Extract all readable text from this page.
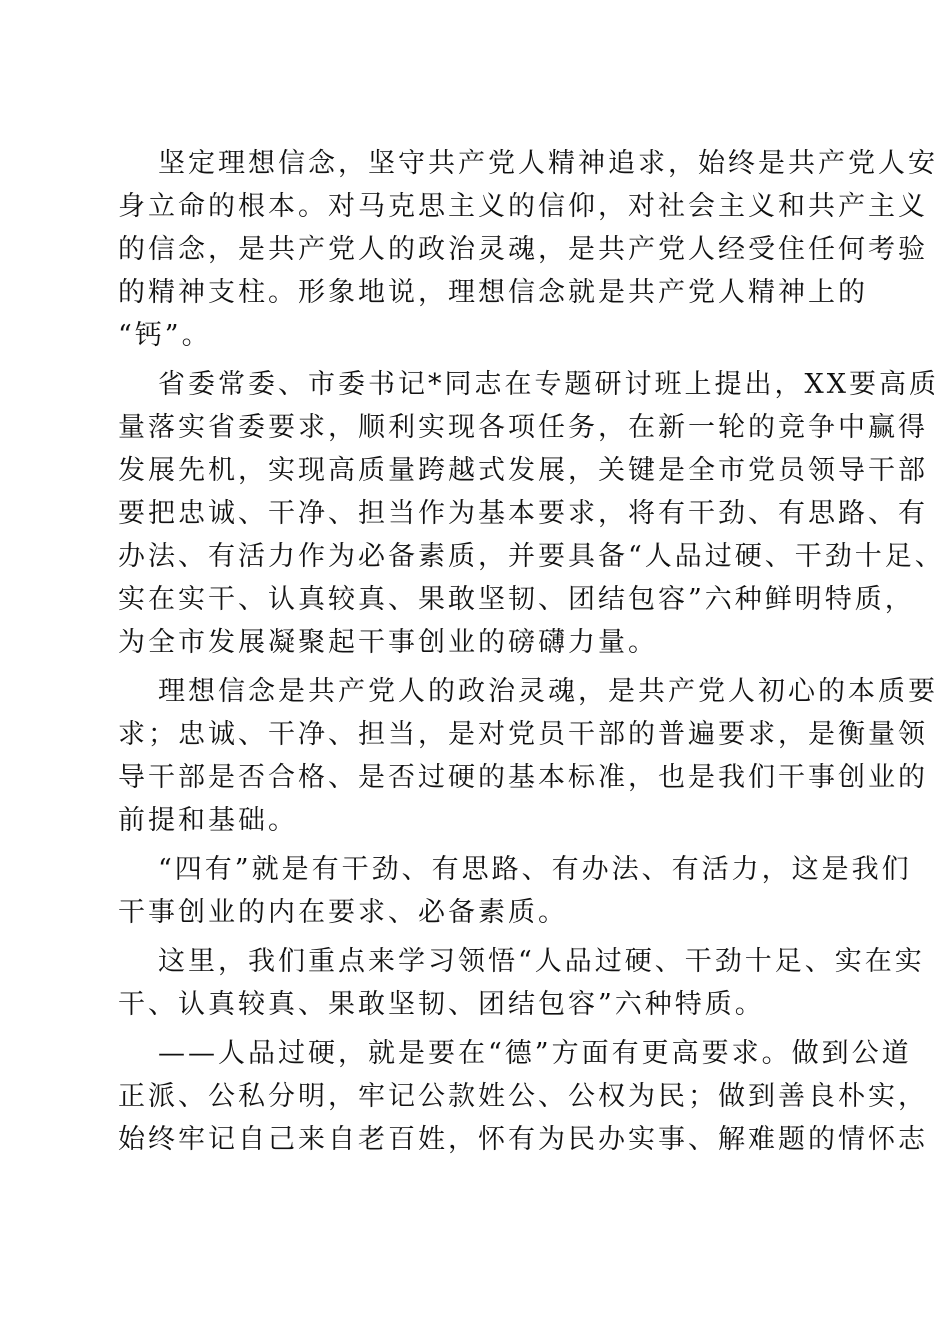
坚定理想信念，坚守共产党人精神追求，始终是共产党人安
身立命的根本。对马克思主义的信仰，对社会主义和共产主义
的信念，是共产党人的政治灵魂，是共产党人经受住任何考验
的精神支柱。形象地说，理想信念就是共产党人精神上的
“钙”。
省委常委、市委书记*同志在专题研讨班上提出，XX要高质
量落实省委要求，顺利实现各项任务，在新一轮的竞争中赢得
发展先机，实现高质量跨越式发展，关键是全市党员领导干部
要把忠诚、干净、担当作为基本要求，将有干劲、有思路、有
办法、有活力作为必备素质，并要具备“人品过硬、干劲十足、
实在实干、认真较真、果敢坚韧、团结包容”六种鲜明特质，
为全市发展凝聚起干事创业的磅礴力量。
理想信念是共产党人的政治灵魂，是共产党人初心的本质要
求；忠诚、干净、担当，是对党员干部的普遍要求，是衡量领
导干部是否合格、是否过硬的基本标准，也是我们干事创业的
前提和基础。
“四有”就是有干劲、有思路、有办法、有活力，这是我们
干事创业的内在要求、必备素质。
这里，我们重点来学习领悟“人品过硬、干劲十足、实在实
干、认真较真、果敢坚韧、团结包容”六种特质。
——人品过硬，就是要在“德”方面有更高要求。做到公道
正派、公私分明，牢记公款姓公、公权为民；做到善良朴实，
始终牢记自己来自老百姓，怀有为民办实事、解难题的情怀志
